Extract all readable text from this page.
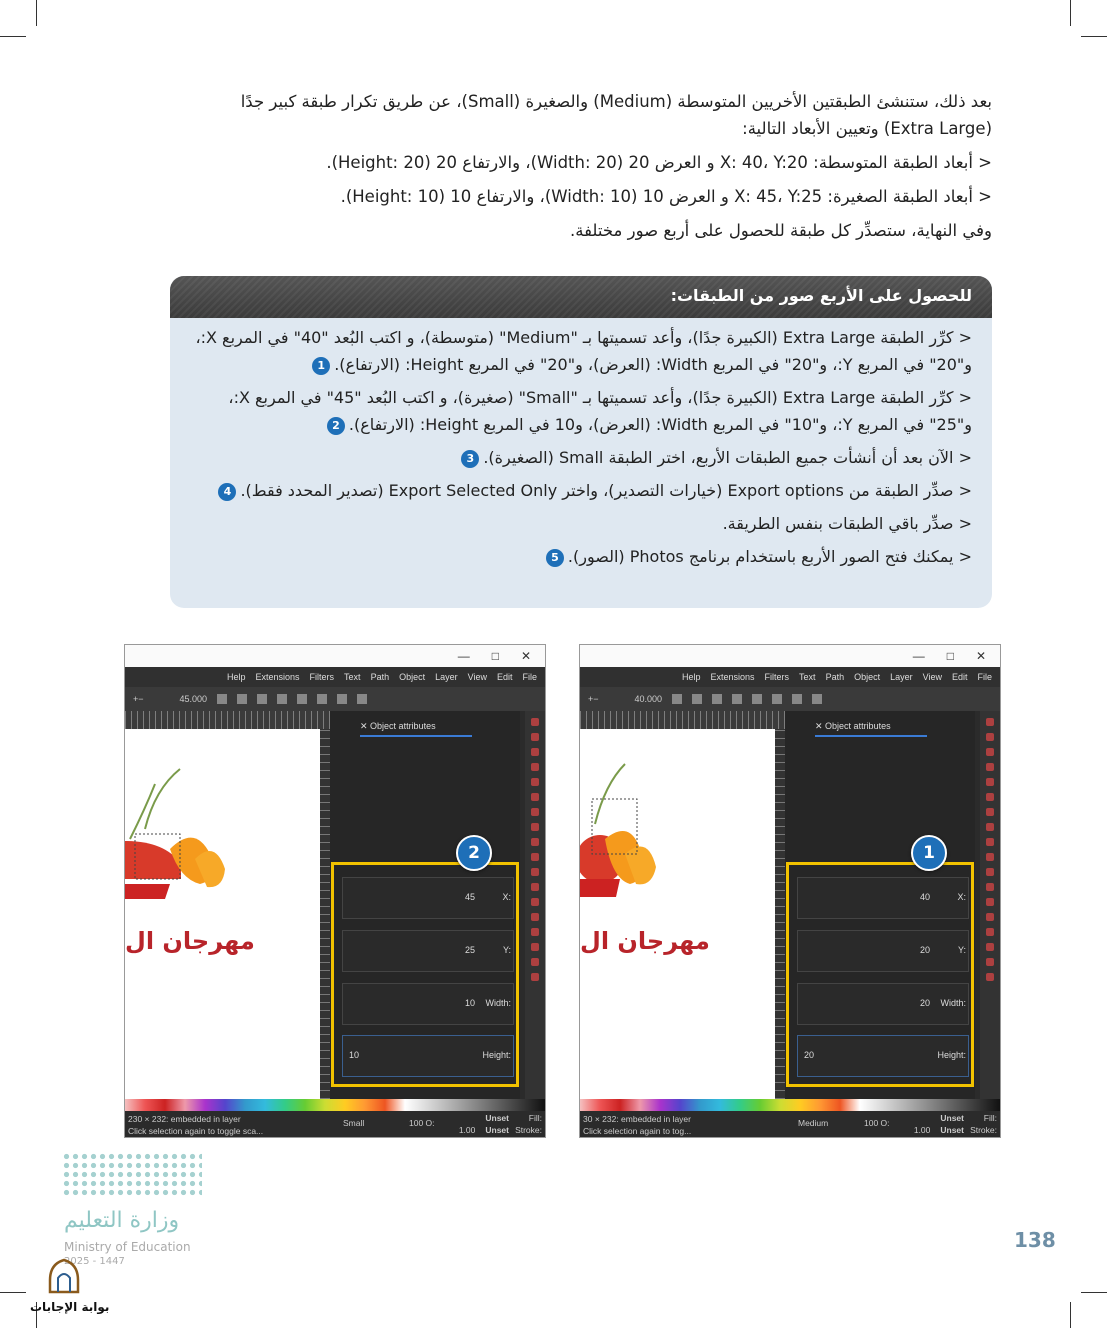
بعد ذلك، ستنشئ الطبقتين الأخريين المتوسطة (Medium) والصغيرة (Small)، عن طريق تكرار طبقة كبير جدًا (Extra Large) وتعيين الأبعاد التالية:

< أبعاد الطبقة المتوسطة: X: 40، Y:20 و العرض 20 (Width: 20)، والارتفاع 20 (Height: 20).

< أبعاد الطبقة الصغيرة: X: 45، Y:25 و العرض 10 (Width: 10)، والارتفاع 10 (Height: 10).

وفي النهاية، ستصدِّر كل طبقة للحصول على أربع صور مختلفة.

للحصول على الأربع صور من الطبقات:
< كرِّر الطبقة Extra Large (الكبيرة جدًا)، وأعد تسميتها بـ "Medium" (متوسطة)، و اكتب البُعد "40" في المربع X:، و"20" في المربع Y:، و"20" في المربع Width: (العرض)، و"20" في المربع Height: (الارتفاع).1
< كرِّر الطبقة Extra Large (الكبيرة جدًا)، وأعد تسميتها بـ "Small" (صغيرة)، و اكتب البُعد "45" في المربع X:، و"25" في المربع Y:، و"10" في المربع Width: (العرض)، و10 في المربع Height: (الارتفاع).2
< الآن بعد أن أنشأت جميع الطبقات الأربع، اختر الطبقة Small (الصغيرة).3
< صدِّر الطبقة من Export options (خيارات التصدير)، واختر Export Selected Only (تصدير المحدد فقط).4
< صدِّر باقي الطبقات بنفس الطريقة.
< يمكنك فتح الصور الأربع باستخدام برنامج Photos (الصور).5
— □ ✕
Help Extensions Filters Text Path Object Layer View Edit File
+−	45.000
مهرجان ال
✕ Object attributes
45	X:
25	Y:
10 Width:
10	Height:
2
230 × 232: embedded in layer
Click selection again to toggle sca...
Small	100 O:	Unset
1.00 Unset
Fill:
Stroke:
— □ ✕
Help Extensions Filters Text Path Object Layer View Edit File
+−	40.000
مهرجان ال
✕ Object attributes
40	X:
20	Y:
20 Width:
20	Height:
1
30 × 232: embedded in layer
Click selection again to tog...
Medium	100 O:	Unset
1.00 Unset
Fill:
Stroke:
وزارة التعليم
Ministry of Education
2025 - 1447
138
بوابة الإجابات
